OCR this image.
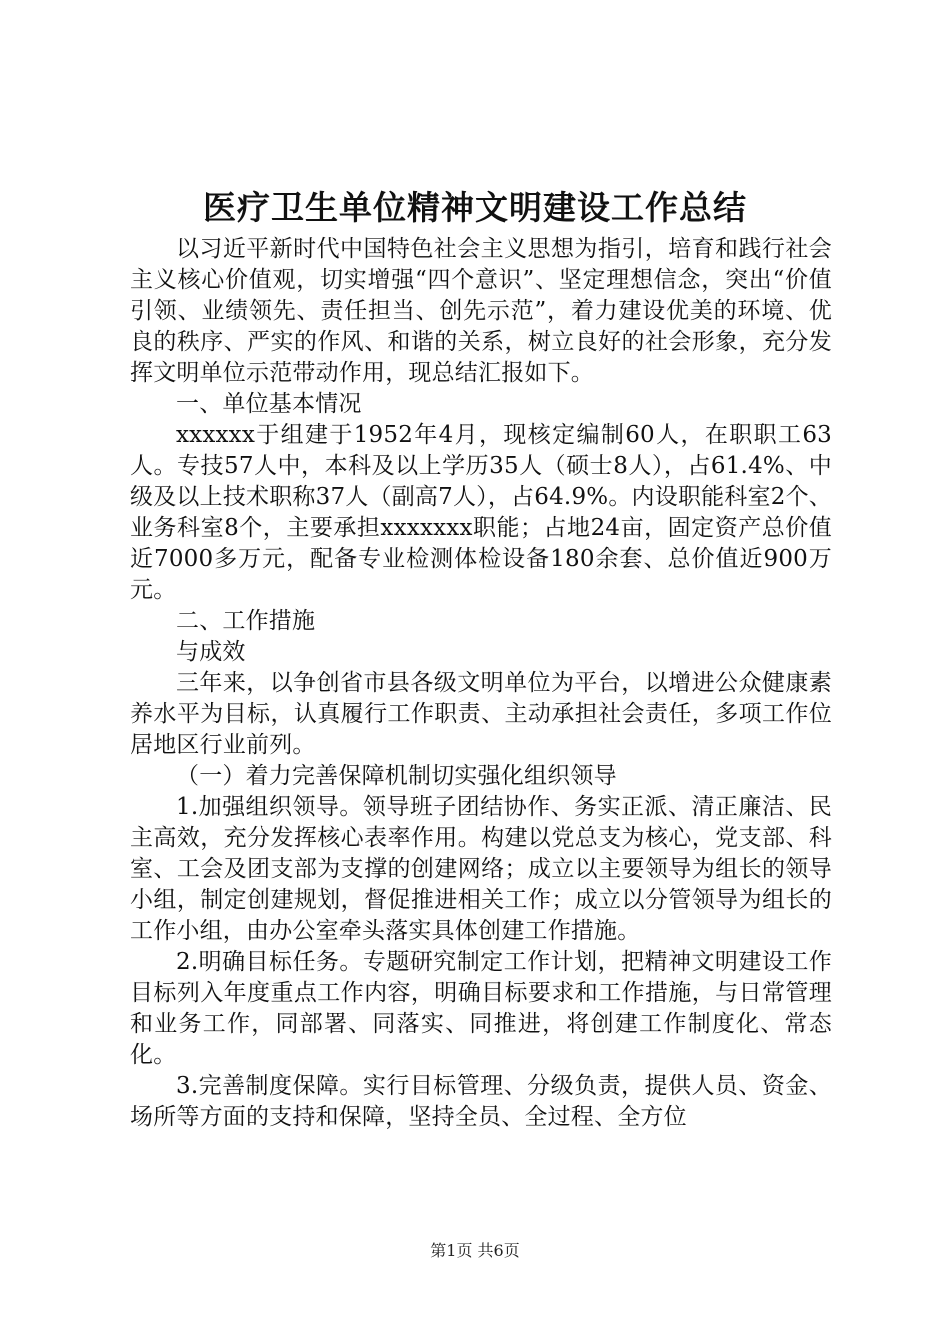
医疗卫生单位精神文明建设工作总结

以习近平新时代中国特色社会主义思想为指引，培育和践行社会主义核心价值观，切实增强“四个意识”、坚定理想信念，突出“价值引领、业绩领先、责任担当、创先示范”，着力建设优美的环境、优良的秩序、严实的作风、和谐的关系，树立良好的社会形象，充分发挥文明单位示范带动作用，现总结汇报如下。

一、单位基本情况

xxxxxx于组建于1952年4月，现核定编制60人，在职职工63人。专技57人中，本科及以上学历35人（硕士8人），占61.4%、中级及以上技术职称37人（副高7人），占64.9%。内设职能科室2个、业务科室8个，主要承担xxxxxxx职能；占地24亩，固定资产总价值近7000多万元，配备专业检测体检设备180余套、总价值近900万元。

二、工作措施

与成效

三年来，以争创省市县各级文明单位为平台，以增进公众健康素养水平为目标，认真履行工作职责、主动承担社会责任，多项工作位居地区行业前列。

（一）着力完善保障机制切实强化组织领导

1.加强组织领导。领导班子团结协作、务实正派、清正廉洁、民主高效，充分发挥核心表率作用。构建以党总支为核心，党支部、科室、工会及团支部为支撑的创建网络；成立以主要领导为组长的领导小组，制定创建规划，督促推进相关工作；成立以分管领导为组长的工作小组，由办公室牵头落实具体创建工作措施。

2.明确目标任务。专题研究制定工作计划，把精神文明建设工作目标列入年度重点工作内容，明确目标要求和工作措施，与日常管理和业务工作，同部署、同落实、同推进，将创建工作制度化、常态化。

3.完善制度保障。实行目标管理、分级负责，提供人员、资金、场所等方面的支持和保障，坚持全员、全过程、全方位

第1页 共6页
